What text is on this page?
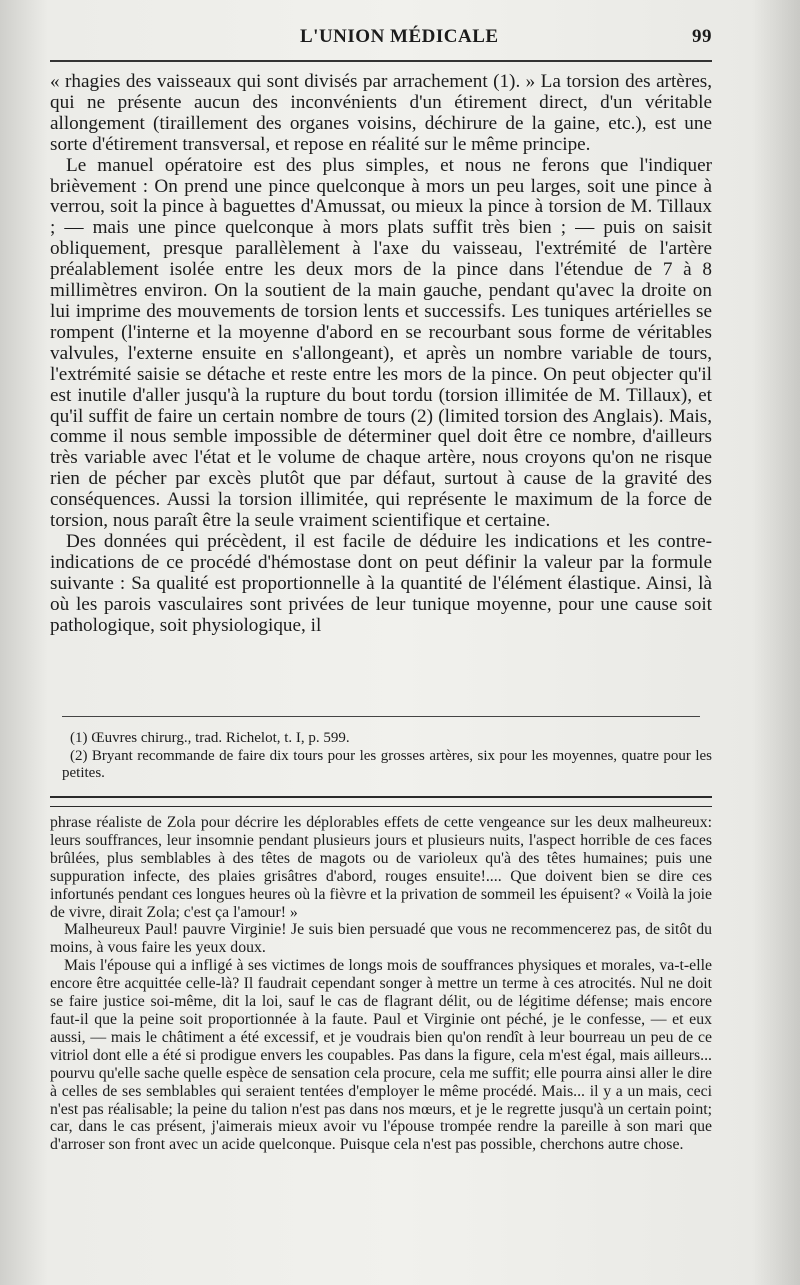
L'UNION MÉDICALE	99

« rhagies des vaisseaux qui sont divisés par arrachement (1). » La torsion des artères, qui ne présente aucun des inconvénients d'un étirement direct, d'un véritable allongement (tiraillement des organes voisins, déchirure de la gaine, etc.), est une sorte d'étirement transversal, et repose en réalité sur le même principe.

Le manuel opératoire est des plus simples, et nous ne ferons que l'indiquer brièvement : On prend une pince quelconque à mors un peu larges, soit une pince à verrou, soit la pince à baguettes d'Amussat, ou mieux la pince à torsion de M. Tillaux ; — mais une pince quelconque à mors plats suffit très bien ; — puis on saisit obliquement, presque parallèlement à l'axe du vaisseau, l'extrémité de l'artère préalablement isolée entre les deux mors de la pince dans l'étendue de 7 à 8 millimètres environ. On la soutient de la main gauche, pendant qu'avec la droite on lui imprime des mouvements de torsion lents et successifs. Les tuniques artérielles se rompent (l'interne et la moyenne d'abord en se recourbant sous forme de véritables valvules, l'externe ensuite en s'allongeant), et après un nombre variable de tours, l'extrémité saisie se détache et reste entre les mors de la pince. On peut objecter qu'il est inutile d'aller jusqu'à la rupture du bout tordu (torsion illimitée de M. Tillaux), et qu'il suffit de faire un certain nombre de tours (2) (limited torsion des Anglais). Mais, comme il nous semble impossible de déterminer quel doit être ce nombre, d'ailleurs très variable avec l'état et le volume de chaque artère, nous croyons qu'on ne risque rien de pécher par excès plutôt que par défaut, surtout à cause de la gravité des conséquences. Aussi la torsion illimitée, qui représente le maximum de la force de torsion, nous paraît être la seule vraiment scientifique et certaine.

Des données qui précèdent, il est facile de déduire les indications et les contre-indications de ce procédé d'hémostase dont on peut définir la valeur par la formule suivante : Sa qualité est proportionnelle à la quantité de l'élément élastique. Ainsi, là où les parois vasculaires sont privées de leur tunique moyenne, pour une cause soit pathologique, soit physiologique, il

(1) Œuvres chirurg., trad. Richelot, t. I, p. 599.

(2) Bryant recommande de faire dix tours pour les grosses artères, six pour les moyennes, quatre pour les petites.

phrase réaliste de Zola pour décrire les déplorables effets de cette vengeance sur les deux malheureux: leurs souffrances, leur insomnie pendant plusieurs jours et plusieurs nuits, l'aspect horrible de ces faces brûlées, plus semblables à des têtes de magots ou de varioleux qu'à des têtes humaines; puis une suppuration infecte, des plaies grisâtres d'abord, rouges ensuite!.... Que doivent bien se dire ces infortunés pendant ces longues heures où la fièvre et la privation de sommeil les épuisent? « Voilà la joie de vivre, dirait Zola; c'est ça l'amour! »

Malheureux Paul! pauvre Virginie! Je suis bien persuadé que vous ne recommencerez pas, de sitôt du moins, à vous faire les yeux doux.

Mais l'épouse qui a infligé à ses victimes de longs mois de souffrances physiques et morales, va-t-elle encore être acquittée celle-là? Il faudrait cependant songer à mettre un terme à ces atrocités. Nul ne doit se faire justice soi-même, dit la loi, sauf le cas de flagrant délit, ou de légitime défense; mais encore faut-il que la peine soit proportionnée à la faute. Paul et Virginie ont péché, je le confesse, — et eux aussi, — mais le châtiment a été excessif, et je voudrais bien qu'on rendît à leur bourreau un peu de ce vitriol dont elle a été si prodigue envers les coupables. Pas dans la figure, cela m'est égal, mais ailleurs... pourvu qu'elle sache quelle espèce de sensation cela procure, cela me suffit; elle pourra ainsi aller le dire à celles de ses semblables qui seraient tentées d'employer le même procédé. Mais... il y a un mais, ceci n'est pas réalisable; la peine du talion n'est pas dans nos mœurs, et je le regrette jusqu'à un certain point; car, dans le cas présent, j'aimerais mieux avoir vu l'épouse trompée rendre la pareille à son mari que d'arroser son front avec un acide quelconque. Puisque cela n'est pas possible, cherchons autre chose.
